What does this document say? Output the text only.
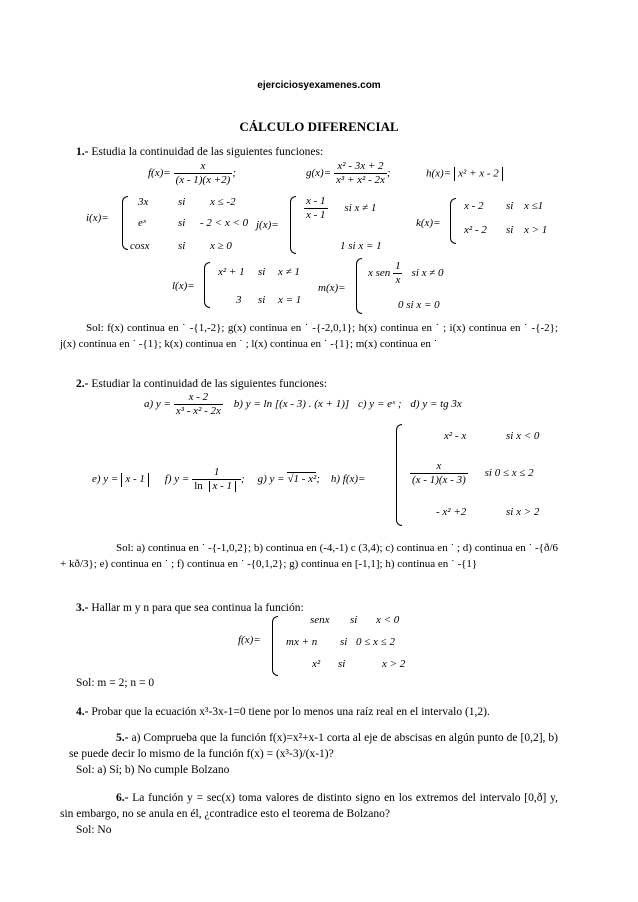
ejerciciosyexamenes.com
CÁLCULO DIFERENCIAL
1.- Estudia la continuidad de las siguientes funciones:
$f(x)= \frac{x}{(x - 1)(x +2)}$ ;	$g(x)= \frac{\text{x² - 3x + 2}}{\text{x³ + x² - 2x}}$ ;	h(x)= x² + x - 2
i(x)=
3x	si x ≤ -2
eˣ	si - 2 < x < 0
cosx	si x ≥ 0
j(x)=
$\frac{x - 1}{x - 1}$ si x ≠ 1
1 si x = 1
k(x)=
x - 2 si x ≤1
x² - 2 si x > 1
l(x)=
x² + 1 si x ≠ 1
3 si x = 1
m(x)=
x sen $\frac{1}{x}$ si x ≠ 0
0 si x = 0
Sol: f(x) continua en ˙ -{1,-2}; g(x) continua en ˙ -{-2,0,1}; h(x) continua en ˙ ; i(x) continua en ˙ -{-2}; j(x) continua en ˙ -{1}; k(x) continua en ˙ ; l(x) continua en ˙ -{1}; m(x) continua en ˙
2.- Estudiar la continuidad de las siguientes funciones:
a) $y = \frac{x - 2}{\text{x³ - x² - 2x}} b$) y = ln [(x - 3) . (x + 1)] c) y = eˣ ; d) y = tg 3x
e) y = x - 1 f) $y = \frac{1}{\text{ln x - 1}}$ ; g) y = √1 - x²; h) f(x)=
x² - x	si x < 0
$\frac{x}{(x - 1)(x - 3)}$ si 0 ≤ x ≤ 2
- x² +2	si x > 2
Sol: a) continua en ˙ -{-1,0,2}; b) continua en (-4,-1) c (3,4); c) continua en ˙ ; d) continua en ˙ -{ð/6 + kð/3}; e) continua en ˙ ; f) continua en ˙ -{0,1,2}; g) continua en [-1,1]; h) continua en ˙ -{1}
3.- Hallar m y n para que sea continua la función:
f(x)=
senx si x < 0
mx + n si 0 ≤ x ≤ 2
x² si	x > 2
Sol: m = 2; n = 0
4.- Probar que la ecuación x³-3x-1=0 tiene por lo menos una raíz real en el intervalo (1,2).
5.- a) Comprueba que la función f(x)=x²+x-1 corta al eje de abscisas en algún punto de [0,2], b)  se puede decir lo mismo de la función f(x) = (x³-3)/(x-1)?
Sol: a) Sí; b) No cumple Bolzano
6.- La función y = sec(x) toma valores de distinto signo en los extremos del intervalo [0,ð] y, sin embargo, no se anula en él, ¿contradice esto el teorema de Bolzano?
Sol: No
